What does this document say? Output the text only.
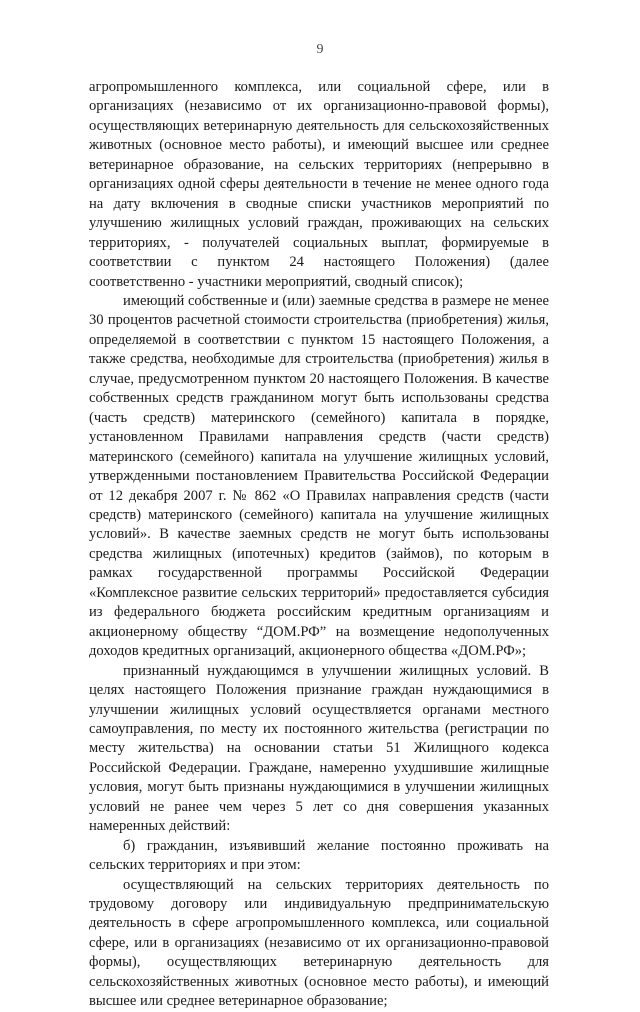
9

агропромышленного комплекса, или социальной сфере, или в организациях (независимо от их организационно-правовой формы), осуществляющих ветеринарную деятельность для сельскохозяйственных животных (основное место работы), и имеющий высшее или среднее ветеринарное образование, на сельских территориях (непрерывно в организациях одной сферы деятельности в течение не менее одного года на дату включения в сводные списки участников мероприятий по улучшению жилищных условий граждан, проживающих на сельских территориях, - получателей социальных выплат, формируемые в соответствии с пунктом 24 настоящего Положения) (далее соответственно - участники мероприятий, сводный список);

имеющий собственные и (или) заемные средства в размере не менее 30 процентов расчетной стоимости строительства (приобретения) жилья, определяемой в соответствии с пунктом 15 настоящего Положения, а также средства, необходимые для строительства (приобретения) жилья в случае, предусмотренном пунктом 20 настоящего Положения. В качестве собственных средств гражданином могут быть использованы средства (часть средств) материнского (семейного) капитала в порядке, установленном Правилами направления средств (части средств) материнского (семейного) капитала на улучшение жилищных условий, утвержденными постановлением Правительства Российской Федерации от 12 декабря 2007 г. № 862 «О Правилах направления средств (части средств) материнского (семейного) капитала на улучшение жилищных условий». В качестве заемных средств не могут быть использованы средства жилищных (ипотечных) кредитов (займов), по которым в рамках государственной программы Российской Федерации «Комплексное развитие сельских территорий» предоставляется субсидия из федерального бюджета российским кредитным организациям и акционерному обществу “ДОМ.РФ” на возмещение недополученных доходов кредитных организаций, акционерного общества «ДОМ.РФ»;

признанный нуждающимся в улучшении жилищных условий. В целях настоящего Положения признание граждан нуждающимися в улучшении жилищных условий осуществляется органами местного самоуправления, по месту их постоянного жительства (регистрации по месту жительства) на основании статьи 51 Жилищного кодекса Российской Федерации. Граждане, намеренно ухудшившие жилищные условия, могут быть признаны нуждающимися в улучшении жилищных условий не ранее чем через 5 лет со дня совершения указанных намеренных действий:

б) гражданин, изъявивший желание постоянно проживать на сельских территориях и при этом:

осуществляющий на сельских территориях деятельность по трудовому договору или индивидуальную предпринимательскую деятельность в сфере агропромышленного комплекса, или социальной сфере, или в организациях (независимо от их организационно-правовой формы), осуществляющих ветеринарную деятельность для сельскохозяйственных животных (основное место работы), и имеющий высшее или среднее ветеринарное образование;
